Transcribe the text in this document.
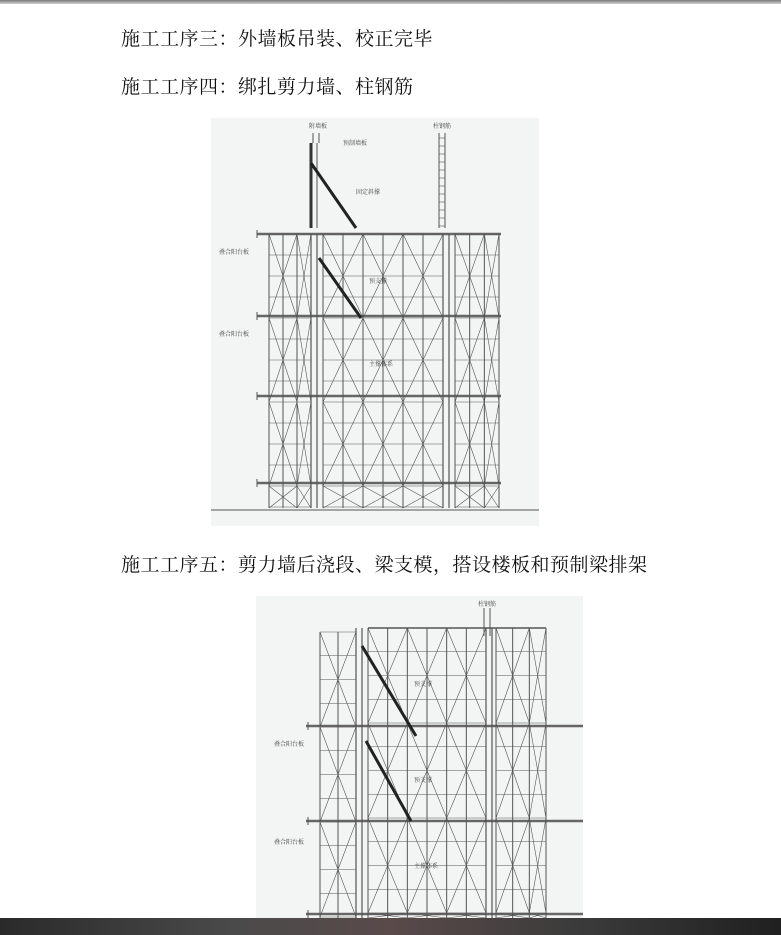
施工工序三：外墙板吊装、校正完毕
施工工序四：绑扎剪力墙、柱钢筋
附墙板
预制墙板
柱钢筋
固定斜撑
叠合阳台板
叠合阳台板
预支撑
主撑体系
施工工序五：剪力墙后浇段、梁支模，搭设楼板和预制梁排架
柱钢筋
叠合阳台板
叠合阳台板
预支撑
预支撑
主撑体系
